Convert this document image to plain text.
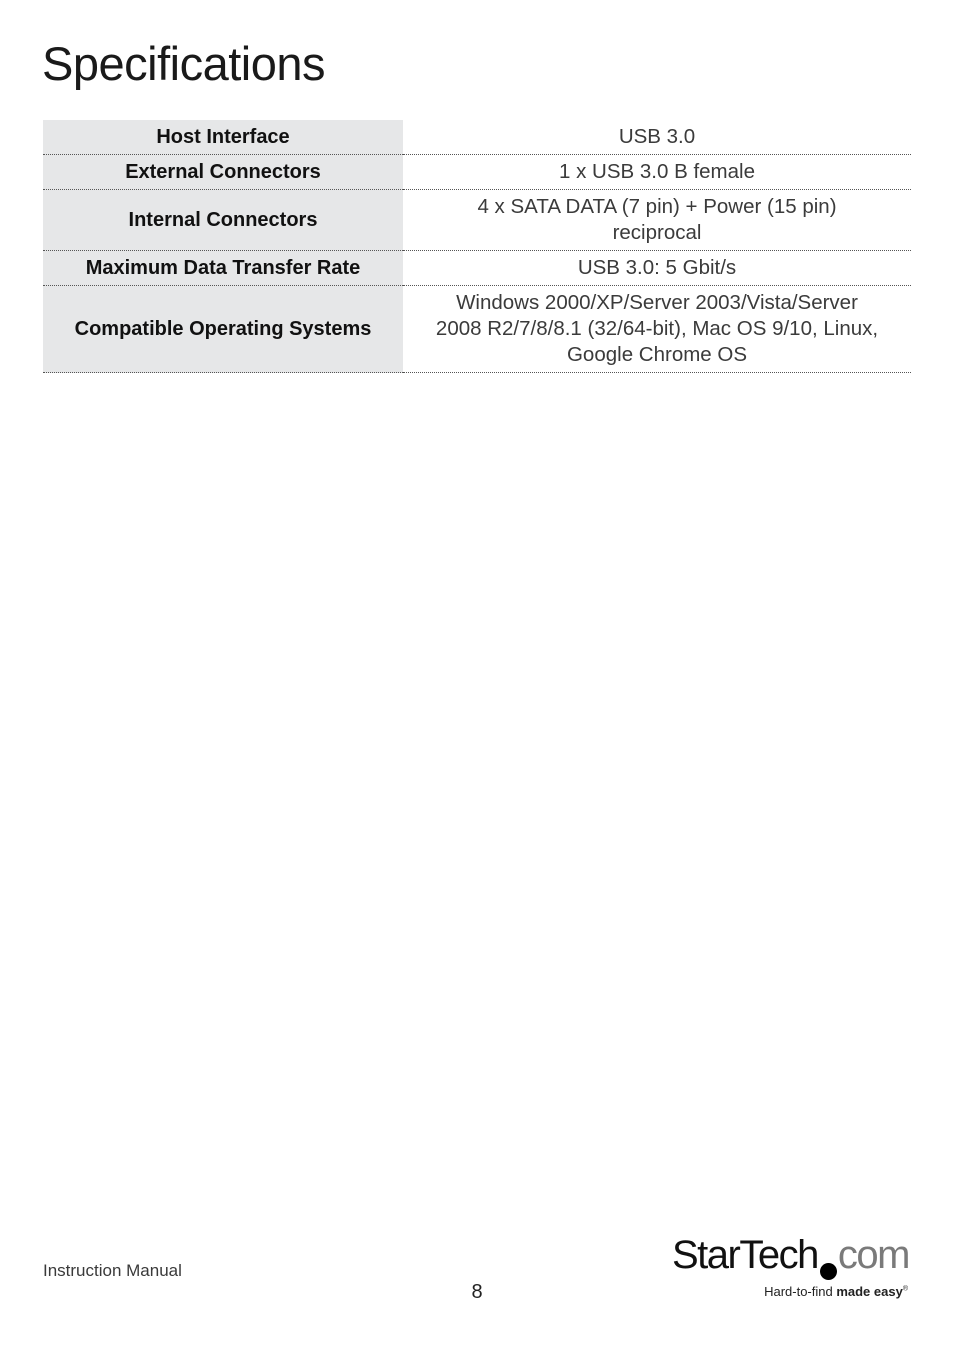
Specifications
Host Interface	USB 3.0
External Connectors	1 x USB 3.0 B female
Internal Connectors	4 x SATA DATA (7 pin) + Power (15 pin)
reciprocal
Maximum Data Transfer Rate	USB 3.0: 5 Gbit/s
Compatible Operating Systems	Windows 2000/XP/Server 2003/Vista/Server
2008 R2/7/8/8.1 (32/64-bit), Mac OS 9/10, Linux,
Google Chrome OS
Instruction Manual
8
StarTech com
Hard-to-find made easy®
